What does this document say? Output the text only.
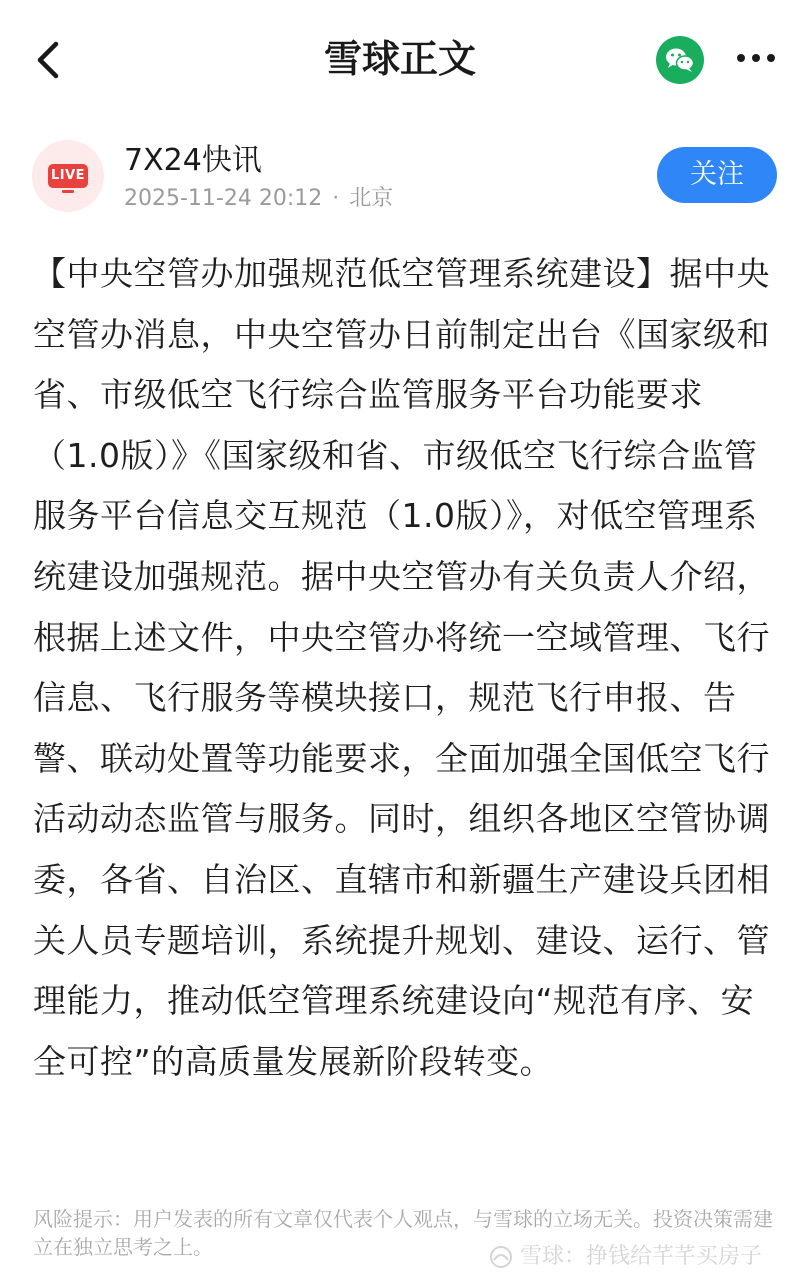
雪球正文
LIVE 7X24快讯
2025-11-24 20:12 · 北京
关注

【中央空管办加强规范低空管理系统建设】据中央空管办消息，中央空管办日前制定出台《国家级和省、市级低空飞行综合监管服务平台功能要求（1.0版）》《国家级和省、市级低空飞行综合监管服务平台信息交互规范（1.0版）》，对低空管理系统建设加强规范。据中央空管办有关负责人介绍，根据上述文件，中央空管办将统一空域管理、飞行信息、飞行服务等模块接口，规范飞行申报、告警、联动处置等功能要求，全面加强全国低空飞行活动动态监管与服务。同时，组织各地区空管协调委，各省、自治区、直辖市和新疆生产建设兵团相关人员专题培训，系统提升规划、建设、运行、管理能力，推动低空管理系统建设向“规范有序、安全可控”的高质量发展新阶段转变。

风险提示：用户发表的所有文章仅代表个人观点，与雪球的立场无关。投资决策需建立在独立思考之上。	雪球：挣钱给芊芊买房子
